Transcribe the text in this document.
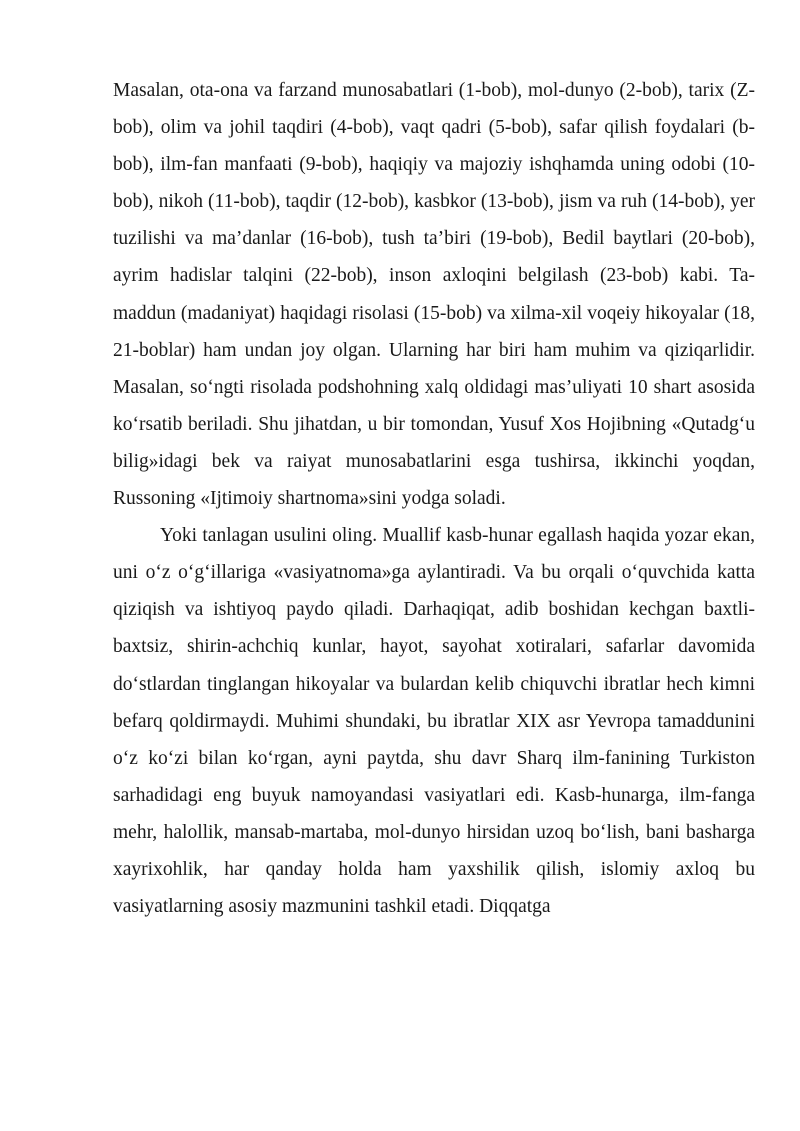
Masalan, ota-ona va farzand munosabatlari (1-bob), mol-dunyo (2-bob), tarix (Z-bob), olim va johil taqdiri (4-bob), vaqt qadri (5-bob), safar qilish foydalari (b-bob), ilm-fan manfaati (9-bob), haqiqiy va majoziy ishqhamda uning odobi (10-bob), nikoh (11-bob), taqdir (12-bob), kasbkor (13-bob), jism va ruh (14-bob), yer tuzilishi va ma’danlar (16-bob), tush ta’biri (19-bob), Bedil baytlari (20-bob), ayrim hadislar talqini (22-bob), inson axloqini belgilash (23-bob) kabi. Ta-maddun (madaniyat) haqidagi risolasi (15-bob) va xilma-xil voqeiy hikoyalar (18, 21-boblar) ham undan joy olgan. Ularning har biri ham muhim va qiziqarlidir. Masalan, so‘ngti risolada podshohning xalq oldidagi mas’uliyati 10 shart asosida ko‘rsatib beriladi. Shu jihatdan, u bir tomondan, Yusuf Xos Hojibning «Qutadg‘u bilig»idagi bek va raiyat munosabatlarini esga tushirsa, ikkinchi yoqdan, Russoning «Ijtimoiy shartnoma»sini yodga soladi.

Yoki tanlagan usulini oling. Muallif kasb-hunar egallash haqida yozar ekan, uni o‘z o‘g‘illariga «vasiyatnoma»ga aylantiradi. Va bu orqali o‘quvchida katta qiziqish va ishtiyoq paydo qiladi. Darhaqiqat, adib boshidan kechgan baxtli-baxtsiz, shirin-achchiq kunlar, hayot, sayohat xotiralari, safarlar davomida do‘stlardan tinglangan hikoyalar va bulardan kelib chiquvchi ibratlar hech kimni befarq qoldirmaydi. Muhimi shundaki, bu ibratlar XIX asr Yevropa tamaddunini o‘z ko‘zi bilan ko‘rgan, ayni paytda, shu davr Sharq ilm-fanining Turkiston sarhadidagi eng buyuk namoyandasi vasiyatlari edi. Kasb-hunarga, ilm-fanga mehr, halollik, mansab-martaba, mol-dunyo hirsidan uzoq bo‘lish, bani basharga xayrixohlik, har qanday holda ham yaxshilik qilish, islomiy axloq bu vasiyatlarning asosiy mazmunini tashkil etadi. Diqqatga
